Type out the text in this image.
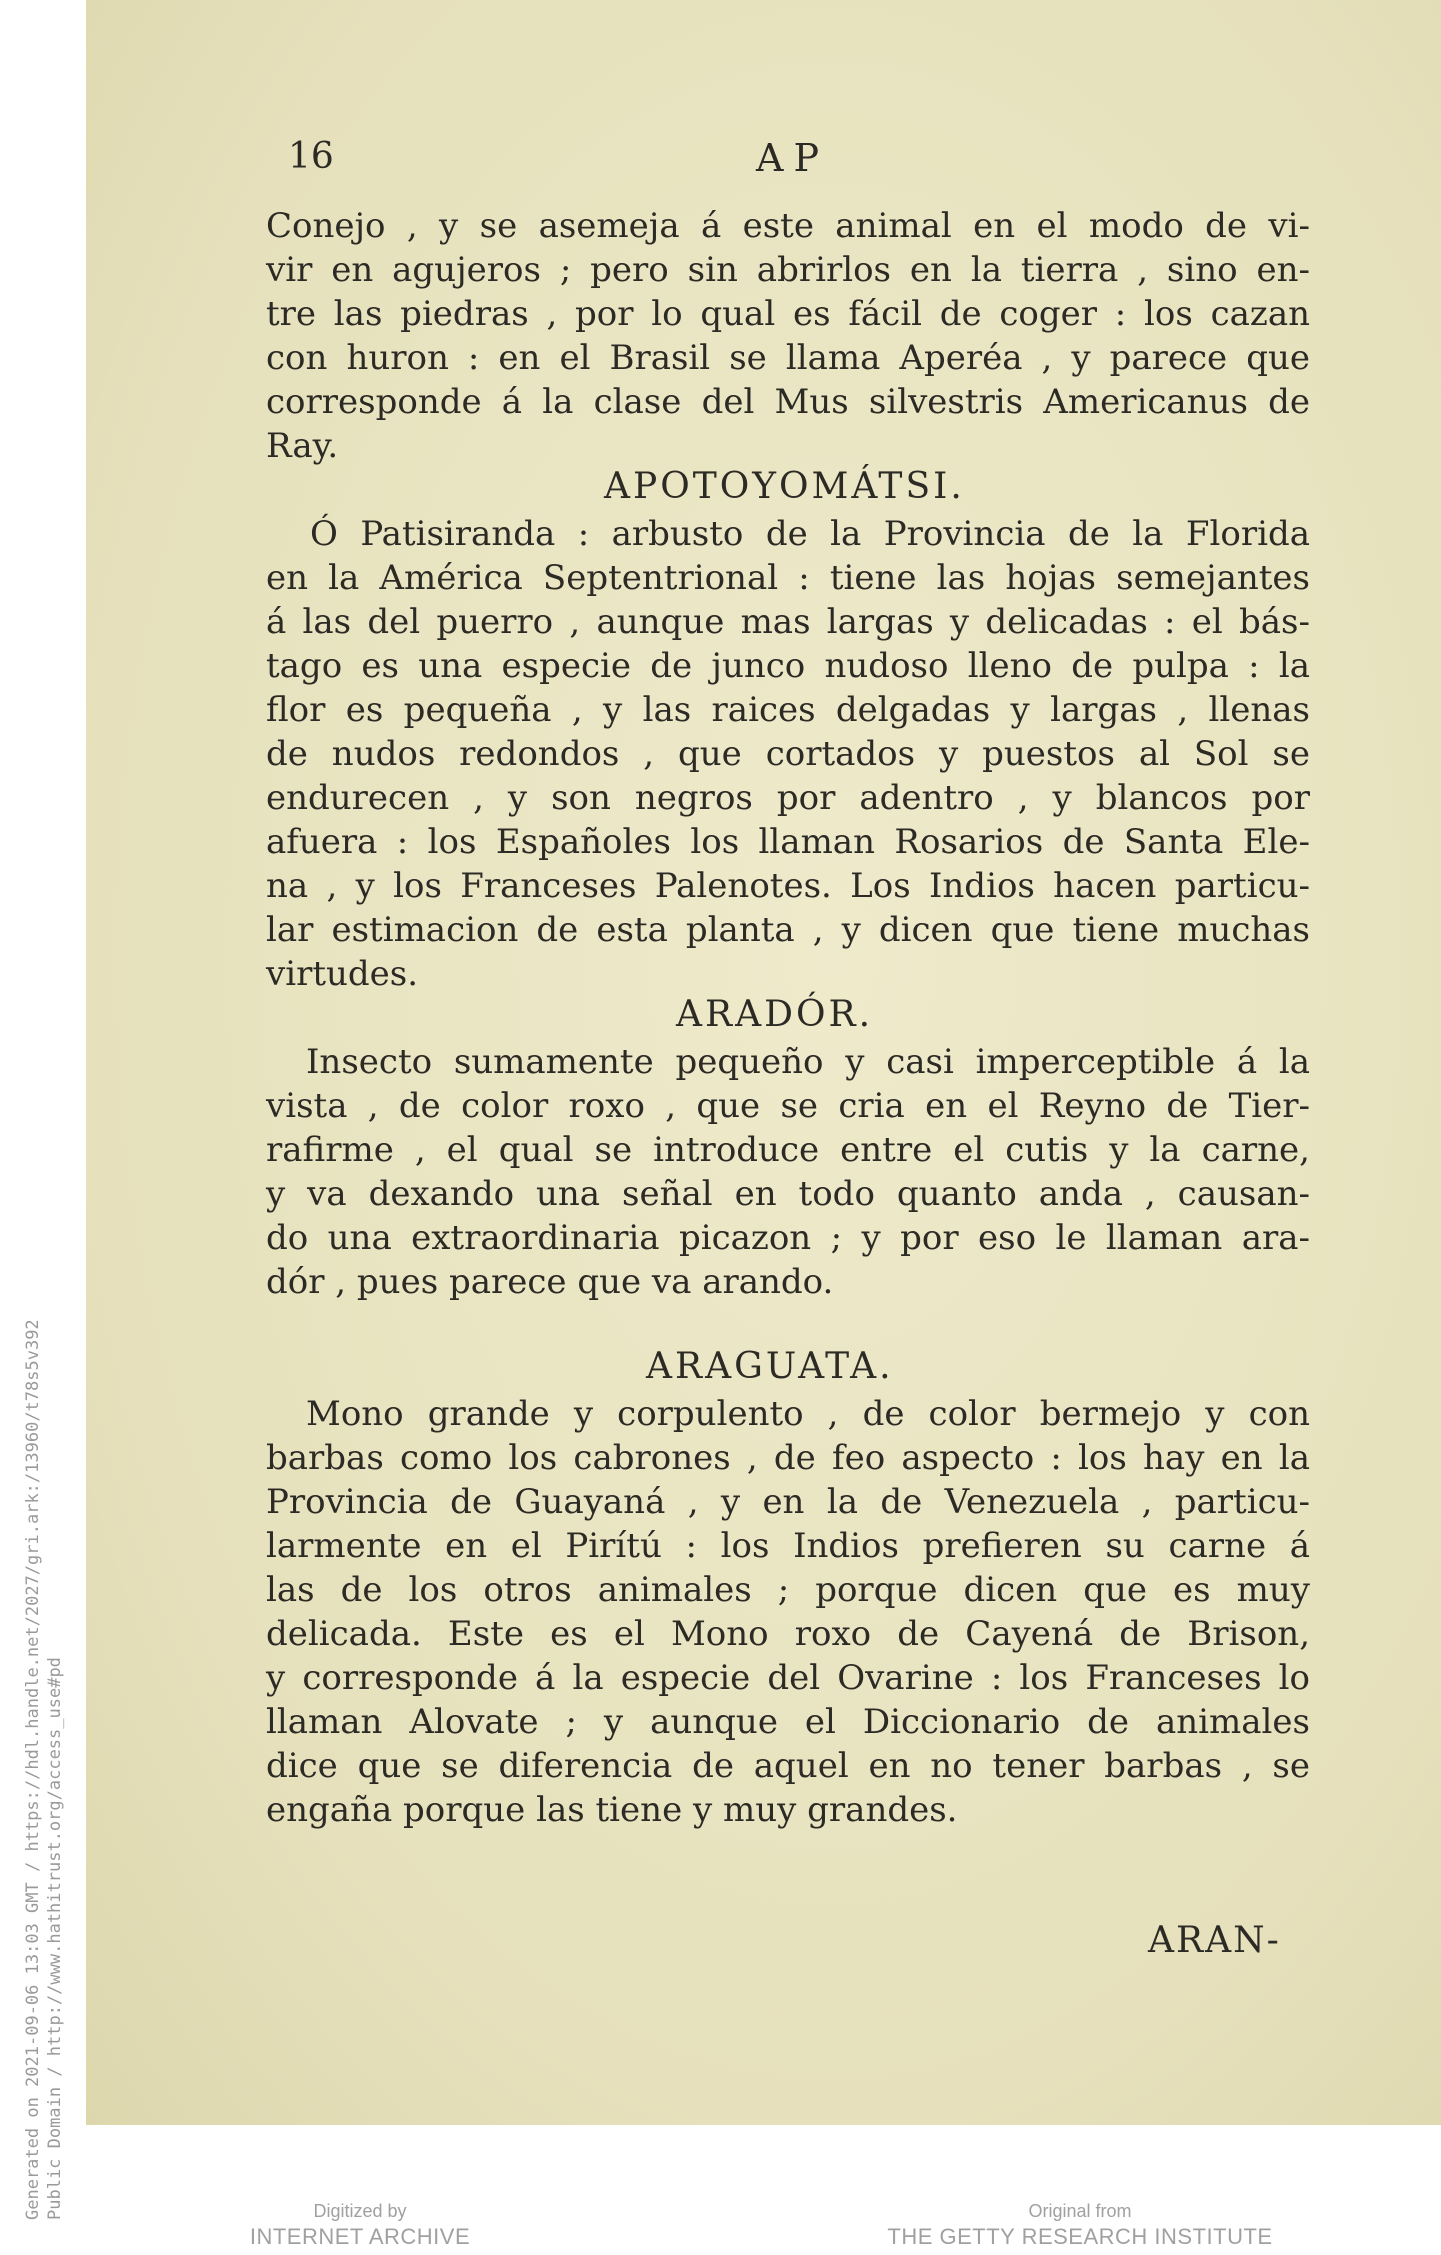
Generated on 2021-09-06 13:03 GMT / https://hdl.handle.net/2027/gri.ark:/13960/t78s5v392 Public Domain / http://www.hathitrust.org/access_use#pd
16	AP

Conejo , y se asemeja á este animal en el modo de vi-
vir en agujeros ; pero sin abrirlos en la tierra , sino en-
tre las piedras , por lo qual es fácil de coger : los cazan
con huron : en el Brasil se llama Aperéa , y parece que
corresponde á la clase del Mus silvestris Americanus de
Ray.

APOTOYOMÁTSI.

Ó Patisiranda : arbusto de la Provincia de la Florida
en la América Septentrional : tiene las hojas semejantes
á las del puerro , aunque mas largas y delicadas : el bás-
tago es una especie de junco nudoso lleno de pulpa : la
flor es pequeña , y las raices delgadas y largas , llenas
de nudos redondos , que cortados y puestos al Sol se
endurecen , y son negros por adentro , y blancos por
afuera : los Españoles los llaman Rosarios de Santa Ele-
na , y los Franceses Palenotes. Los Indios hacen particu-
lar estimacion de esta planta , y dicen que tiene muchas
virtudes.

ARADÓR.

Insecto sumamente pequeño y casi imperceptible á la
vista , de color roxo , que se cria en el Reyno de Tier-
rafirme , el qual se introduce entre el cutis y la carne,
y va dexando una señal en todo quanto anda , causan-
do una extraordinaria picazon ; y por eso le llaman ara-
dór , pues parece que va arando.

ARAGUATA.

Mono grande y corpulento , de color bermejo y con
barbas como los cabrones , de feo aspecto : los hay en la
Provincia de Guayaná , y en la de Venezuela , particu-
larmente en el Pirítú : los Indios prefieren su carne á
las de los otros animales ; porque dicen que es muy
delicada. Este es el Mono roxo de Cayená de Brison,
y corresponde á la especie del Ovarine : los Franceses lo
llaman Alovate ; y aunque el Diccionario de animales
dice que se diferencia de aquel en no tener barbas , se
engaña porque las tiene y muy grandes.

ARAN-
Digitized by
INTERNET ARCHIVE
Original from
THE GETTY RESEARCH INSTITUTE
